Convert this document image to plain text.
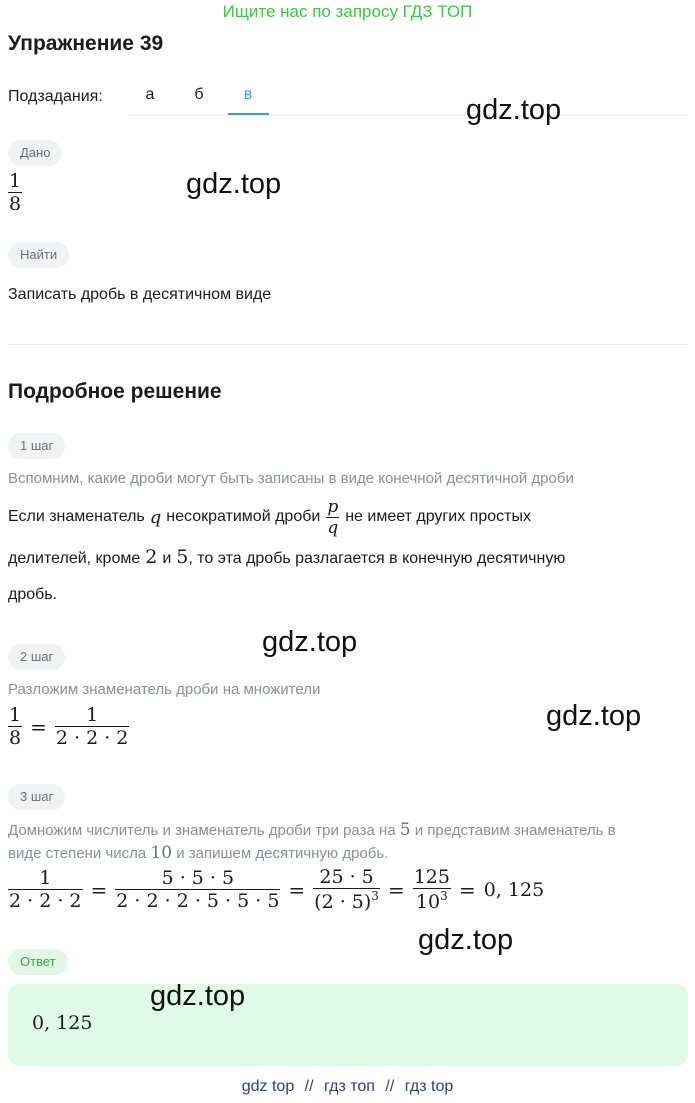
Ищите нас по запросу ГДЗ ТОП
Упражнение 39
Подзадания:	а	б	в
Дано
$\frac{1}{8}$
Найти
Записать дробь в десятичном виде
Подробное решение
1 шаг
Вспомним, какие дроби могут быть записаны в виде конечной десятичной дроби
Если знаменатель q несократимой дроби $\frac{p}{q}$ не имеет других простых
делителей, кроме 2 и 5 , то эта дробь разлагается в конечную десятичную
дробь.
2 шаг
Разложим знаменатель дроби на множители
$\frac{1}{8} = \frac{1}{2 \cdot 2 \cdot 2}$
3 шаг
Домножим числитель и знаменатель дроби три раза на 5 и представим знаменатель в
виде степени числа 10 и запишем десятичную дробь.
$\frac{1}{2 \cdot 2 \cdot 2} = \frac{5 \cdot 5 \cdot 5}{2 \cdot 2 \cdot 2 \cdot 5 \cdot 5 \cdot 5} = \frac{25 \cdot 5}{(2 \cdot 5)^3} = \frac{125}{10^3} = 0$, 125
Ответ
0, 125
gdz.top
gdz.top
gdz.top
gdz.top
gdz.top
gdz.top
gdz top // гдз топ // гдз top
